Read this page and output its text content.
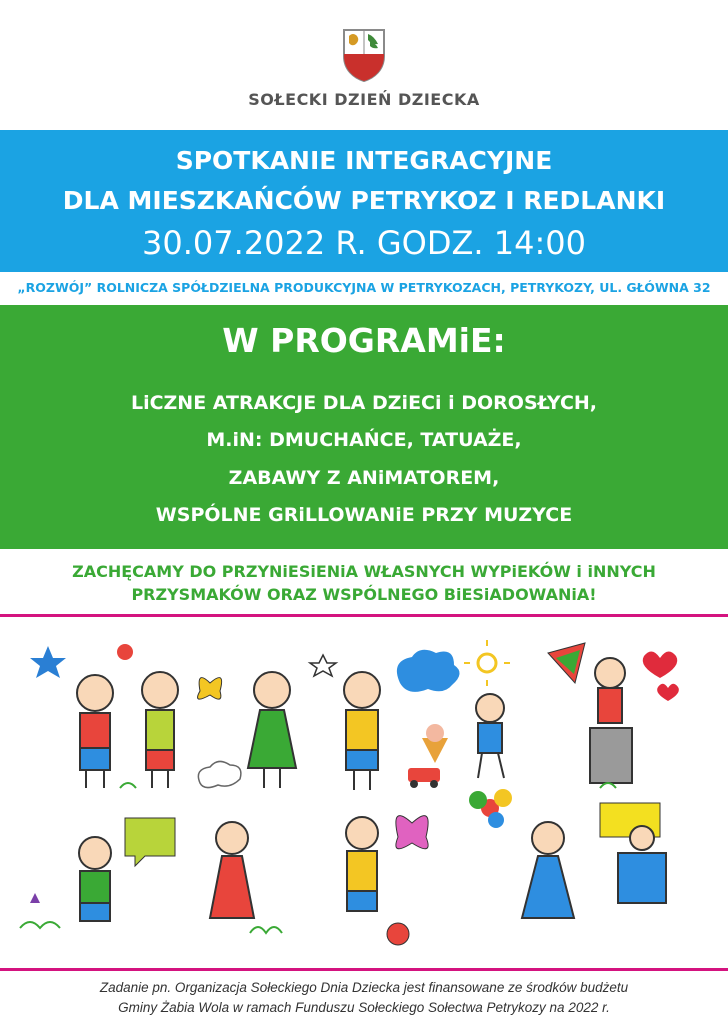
SOŁECKI DZIEŃ DZIECKA
SPOTKANIE INTEGRACYJNE
DLA MIESZKAŃCÓW PETRYKOZ I REDLANKI
30.07.2022 R. GODZ. 14:00
„ROZWÓJ” ROLNICZA SPÓŁDZIELNA PRODUKCYJNA W PETRYKOZACH, PETRYKOZY, UL. GŁÓWNA 32
W PROGRAMiE:
LiCZNE ATRAKCJE DLA DZiECi i DOROSŁYCH,
M.iN: DMUCHAŃCE, TATUAŻE,
ZABAWY Z ANiMATOREM,
WSPÓLNE GRiLLOWANiE PRZY MUZYCE
ZACHĘCAMY DO PRZYNiESiENiA WŁASNYCH WYPiEKÓW i iNNYCH
PRZYSMAKÓW ORAZ WSPÓLNEGO BiESiADOWANiA!
Zadanie pn. Organizacja Sołeckiego Dnia Dziecka jest finansowane ze środków budżetu
Gminy Żabia Wola w ramach Funduszu Sołeckiego Sołectwa Petrykozy na 2022 r.
